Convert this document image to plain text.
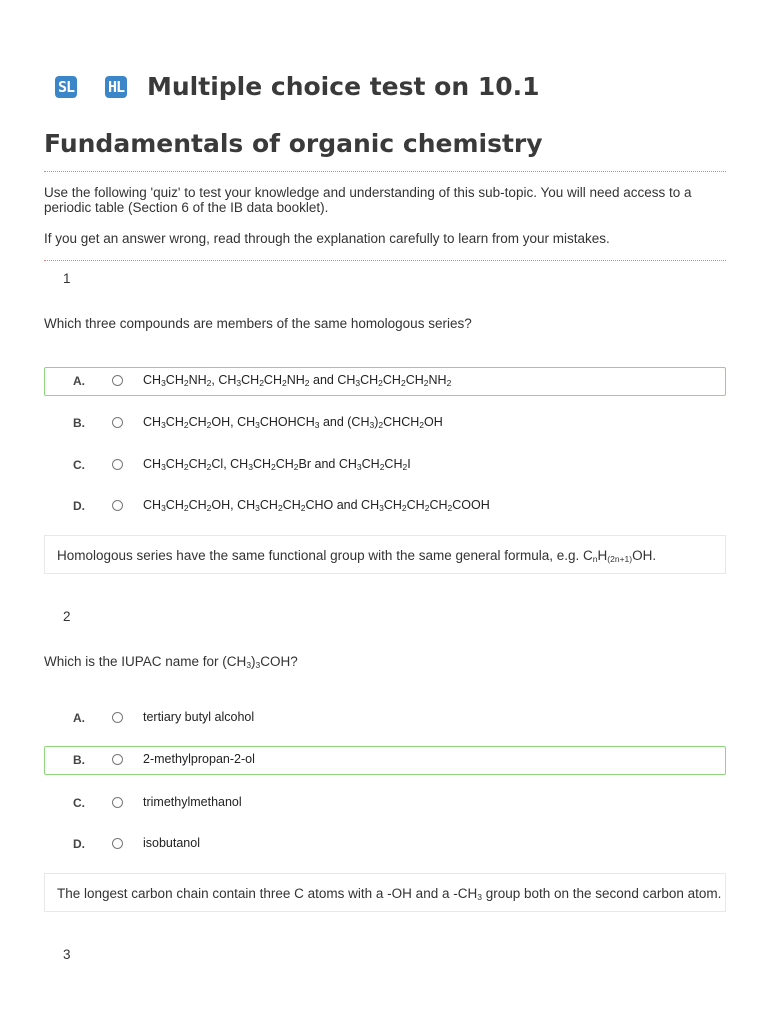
SL HL Multiple choice test on 10.1 Fundamentals of organic chemistry

Use the following 'quiz' to test your knowledge and understanding of this sub-topic. You will need access to a periodic table (Section 6 of the IB data booklet).

If you get an answer wrong, read through the explanation carefully to learn from your mistakes.

1
Which three compounds are members of the same homologous series?
A.	$CH_3CH_2NH_2$, $CH_3CH_2CH_2NH_2$ and $CH_3CH_2CH_2CH_2NH_2$
B.	$CH_3CH_2CH_2OH$, $CH_3CHOHCH_3$ and $(CH_3)_2CHCH_2OH$
C.	$CH_3CH_2CH_2Cl$, $CH_3CH_2CH_2Br$ and $CH_3CH_2CH_2I$
D.	$CH_3CH_2CH_2OH$, $CH_3CH_2CH_2CHO$ and $CH_3CH_2CH_2CH_2COOH$
Homologous series have the same functional group with the same general formula, e.g. $C_nH_{(2n+1)}OH$.
2
Which is the IUPAC name for $(CH_3)_3COH$?
A.	tertiary butyl alcohol
B.	2-methylpropan-2-ol
C.	trimethylmethanol
D.	isobutanol
The longest carbon chain contain three C atoms with a -OH and a $-CH_3$ group both on the second carbon atom.
3
